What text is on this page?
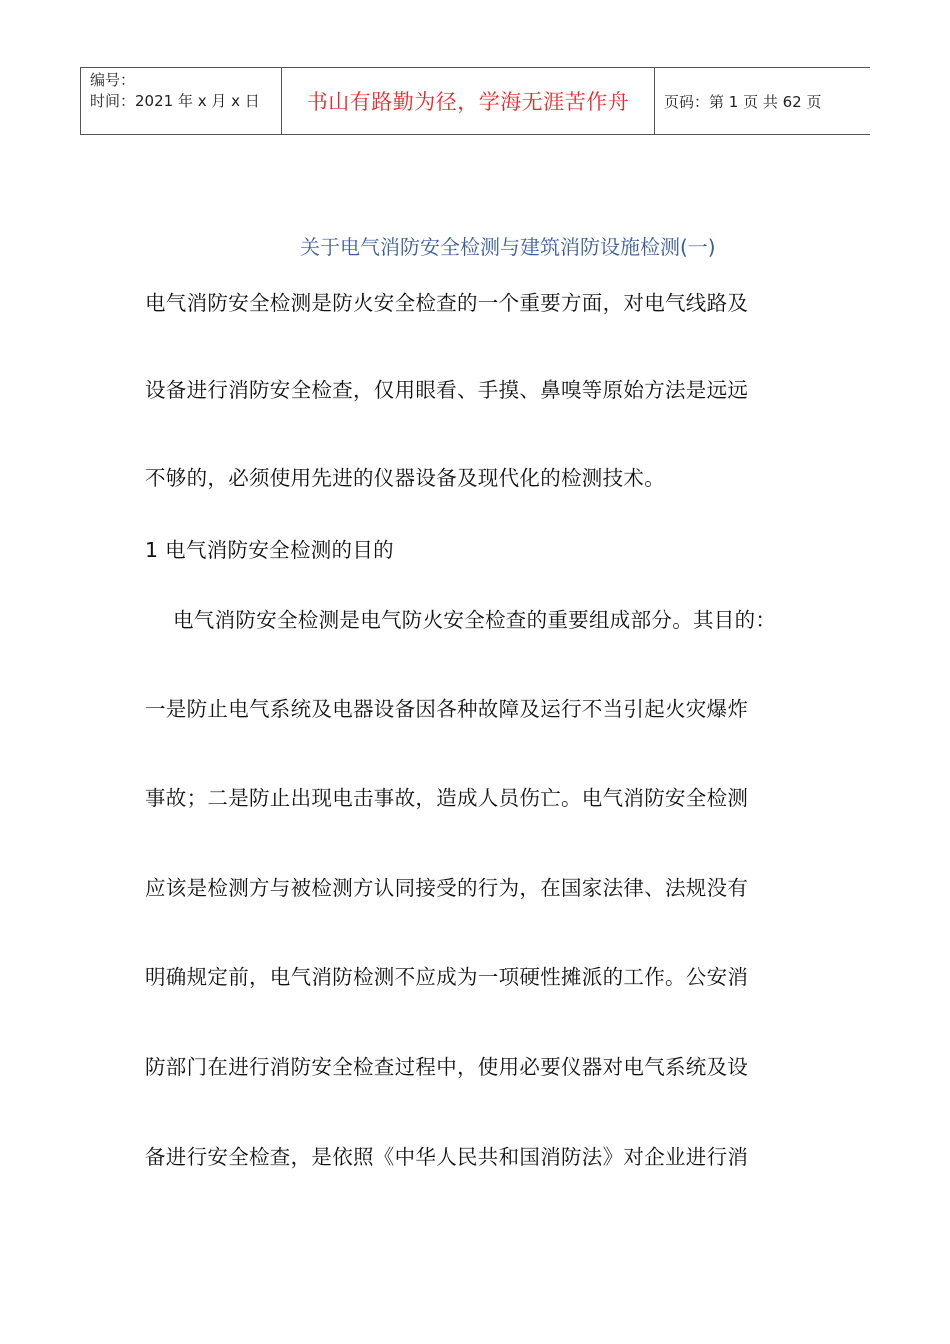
编号：
时间：2021 年 x 月 x 日	书山有路勤为径，学海无涯苦作舟 页码：第 1 页 共 62 页
关于电气消防安全检测与建筑消防设施检测(一)
电气消防安全检测是防火安全检查的一个重要方面，对电气线路及
设备进行消防安全检查，仅用眼看、手摸、鼻嗅等原始方法是远远
不够的，必须使用先进的仪器设备及现代化的检测技术。
1 电气消防安全检测的目的
电气消防安全检测是电气防火安全检查的重要组成部分。其目的：
一是防止电气系统及电器设备因各种故障及运行不当引起火灾爆炸
事故；二是防止出现电击事故，造成人员伤亡。电气消防安全检测
应该是检测方与被检测方认同接受的行为，在国家法律、法规没有
明确规定前，电气消防检测不应成为一项硬性摊派的工作。公安消
防部门在进行消防安全检查过程中，使用必要仪器对电气系统及设
备进行安全检查，是依照《中华人民共和国消防法》对企业进行消
